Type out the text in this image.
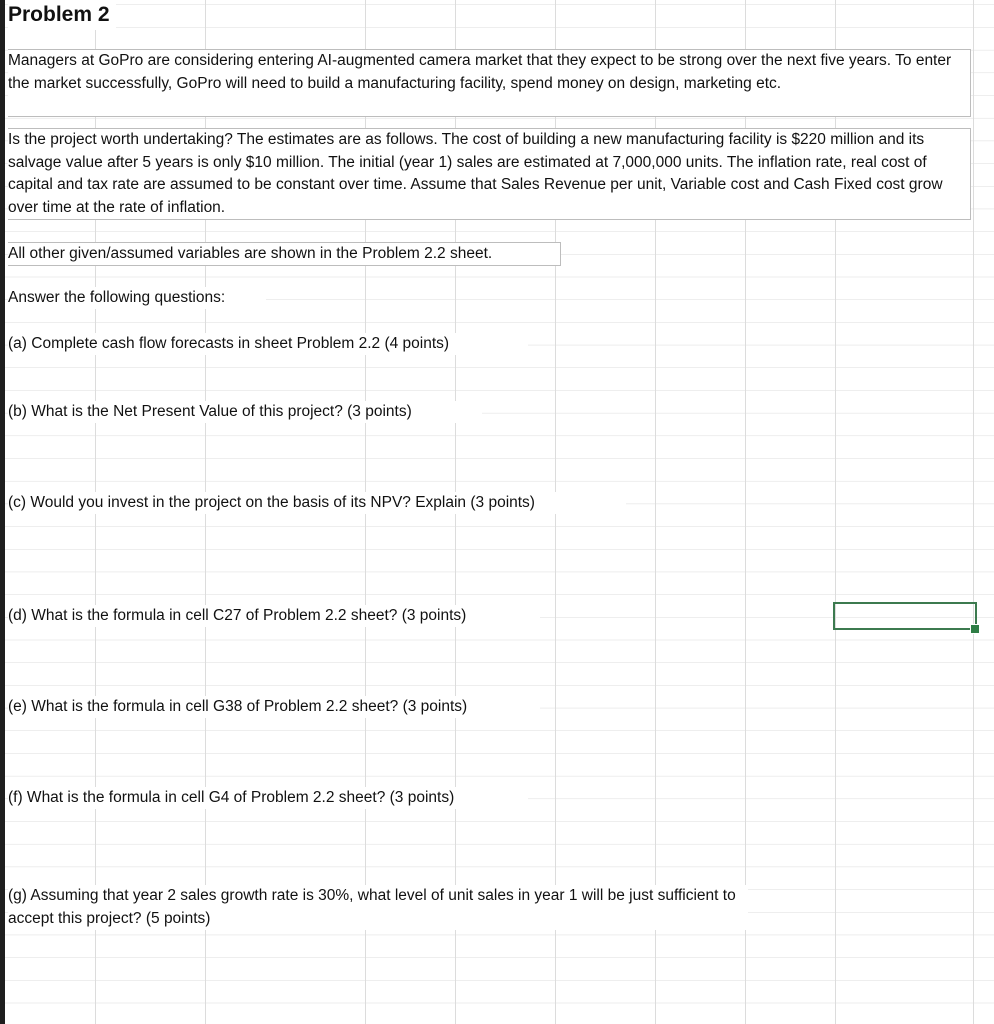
Problem 2
Managers at GoPro are considering entering AI-augmented camera market that they expect to be strong over the next five years. To enter the market successfully, GoPro will need to build a manufacturing facility, spend money on design, marketing etc.
Is the project worth undertaking? The estimates are as follows. The cost of building a new manufacturing facility is $220 million and its salvage value after 5 years is only $10 million. The initial (year 1) sales are estimated at 7,000,000 units. The inflation rate, real cost of capital and tax rate are assumed to be constant over time. Assume that Sales Revenue per unit, Variable cost and Cash Fixed cost grow over time at the rate of inflation.
All other given/assumed variables are shown in the Problem 2.2 sheet.
Answer the following questions:
(a) Complete cash flow forecasts in sheet Problem 2.2 (4 points)
(b) What is the Net Present Value of this project? (3 points)
(c) Would you invest in the project on the basis of its NPV? Explain (3 points)
(d) What is the formula in cell C27 of Problem 2.2 sheet? (3 points)
(e) What is the formula in cell G38 of Problem 2.2 sheet? (3 points)
(f) What is the formula in cell G4 of Problem 2.2 sheet? (3 points)
(g) Assuming that year 2 sales growth rate is 30%, what level of unit sales in year 1 will be just sufficient to accept this project? (5 points)
